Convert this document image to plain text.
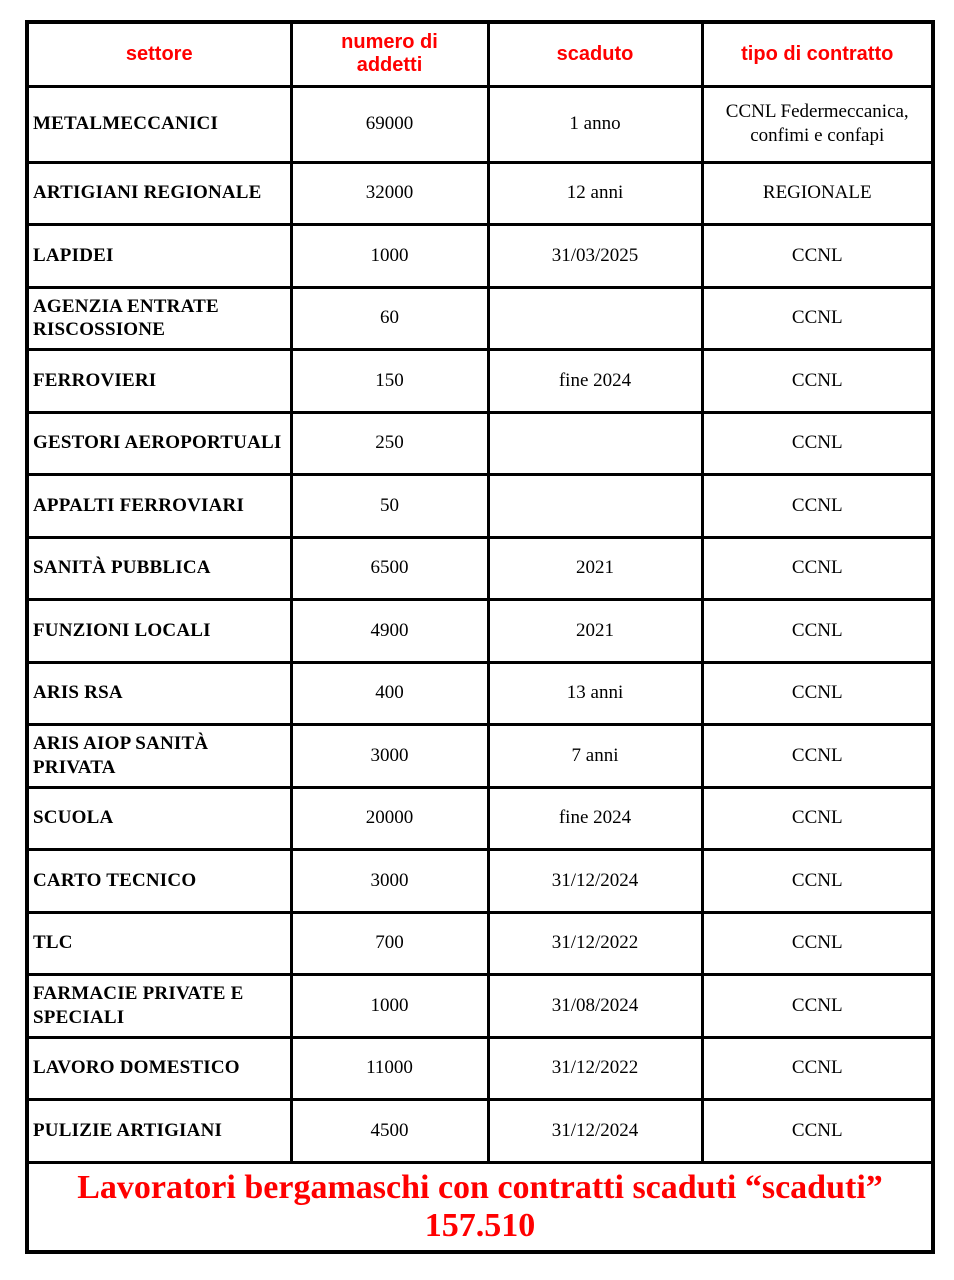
settore	numero di addetti	scaduto	tipo di contratto
METALMECCANICI	69000	1 anno	CCNL Federmeccanica, confimi e confapi
ARTIGIANI REGIONALE	32000	12 anni	REGIONALE
LAPIDEI	1000	31/03/2025	CCNL
AGENZIA ENTRATE RISCOSSIONE	60		CCNL
FERROVIERI	150	fine 2024	CCNL
GESTORI AEROPORTUALI	250		CCNL
APPALTI FERROVIARI	50		CCNL
SANITÀ PUBBLICA	6500	2021	CCNL
FUNZIONI LOCALI	4900	2021	CCNL
ARIS RSA	400	13 anni	CCNL
ARIS AIOP SANITÀ PRIVATA	3000	7 anni	CCNL
SCUOLA	20000	fine 2024	CCNL
CARTO TECNICO	3000	31/12/2024	CCNL
TLC	700	31/12/2022	CCNL
FARMACIE PRIVATE E SPECIALI	1000	31/08/2024	CCNL
LAVORO DOMESTICO	11000	31/12/2022	CCNL
PULIZIE ARTIGIANI	4500	31/12/2024	CCNL

Lavoratori bergamaschi con contratti scaduti “scaduti”
157.510			
